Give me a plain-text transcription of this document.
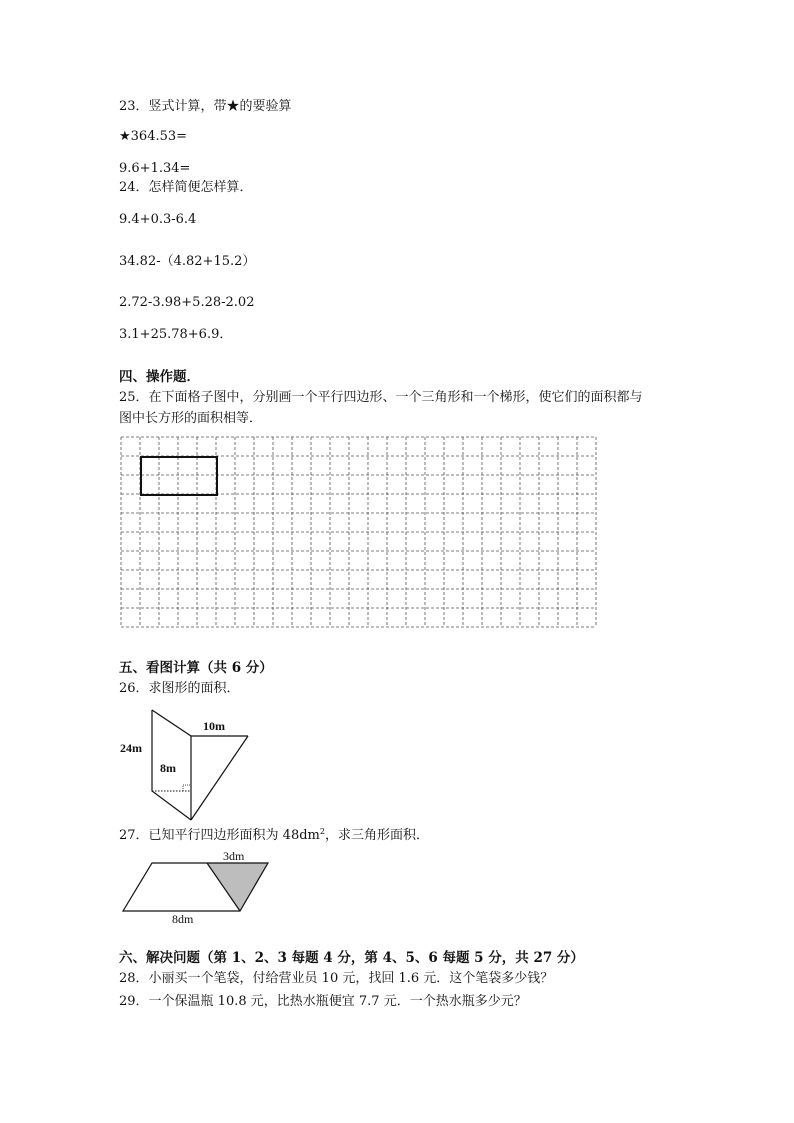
23．竖式计算，带★的要验算
★364.53=
9.6+1.34=
24．怎样简便怎样算．
9.4+0.3-6.4
34.82-（4.82+15.2）
2.72-3.98+5.28-2.02
3.1+25.78+6.9．
四、操作题．
25．在下面格子图中，分别画一个平行四边形、一个三角形和一个梯形，使它们的面积都与
图中长方形的面积相等．
五、看图计算（共 6 分）
26．求图形的面积．
10m
24m
8m
27．已知平行四边形面积为 $48dm^2$，求三角形面积．
3dm
8dm
六、解决问题（第 1、2、3 每题 4 分，第 4、5、6 每题 5 分，共 27 分）
28．小丽买一个笔袋，付给营业员 10 元，找回 1.6 元．这个笔袋多少钱？
29．一个保温瓶 10.8 元，比热水瓶便宜 7.7 元．一个热水瓶多少元？
